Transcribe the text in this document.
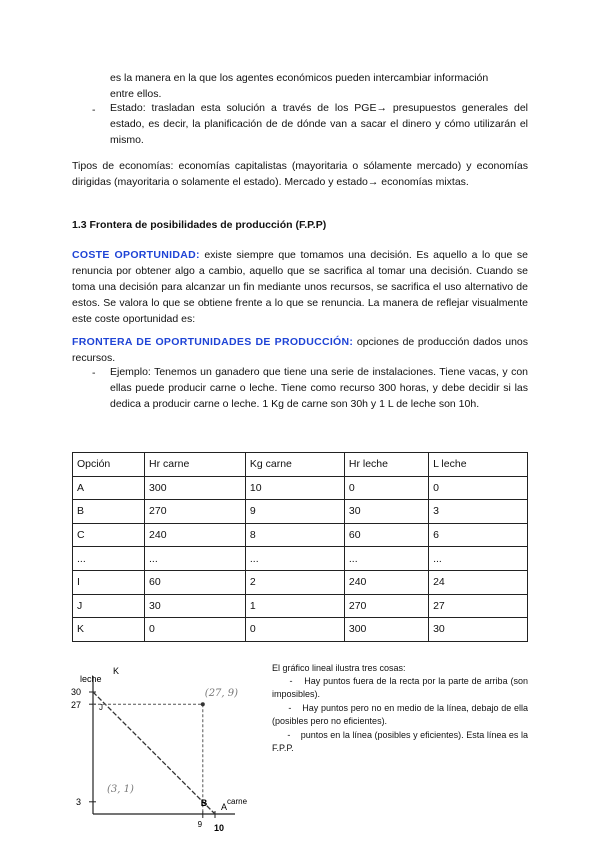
es la manera en la que los agentes económicos pueden intercambiar información
entre ellos.
-	Estado: trasladan esta solución a través de los PGE→ presupuestos generales del estado, es decir, la planificación de de dónde van a sacar el dinero y cómo utilizarán el mismo.
Tipos de economías: economías capitalistas (mayoritaria o sólamente mercado) y economías dirigidas (mayoritaria o solamente el estado). Mercado y estado→ economías mixtas.
1.3 Frontera de posibilidades de producción (F.P.P)
COSTE OPORTUNIDAD: existe siempre que tomamos una decisión. Es aquello a lo que se renuncia por obtener algo a cambio, aquello que se sacrifica al tomar una decisión. Cuando se toma una decisión para alcanzar un fin mediante unos recursos, se sacrifica el uso alternativo de estos. Se valora lo que se obtiene frente a lo que se renuncia. La manera de reflejar visualmente este coste oportunidad es:
FRONTERA DE OPORTUNIDADES DE PRODUCCIÓN: opciones de producción dados unos recursos.
-	Ejemplo: Tenemos un ganadero que tiene una serie de instalaciones. Tiene vacas, y con ellas puede producir carne o leche. Tiene como recurso 300 horas, y debe decidir si las dedica a producir carne o leche. 1 Kg de carne son 30h y 1 L de leche son 10h.
Opción	Hr carne	Kg carne	Hr leche	L leche
A	300	10	0	0
B	270	9	30	3
C	240	8	60	6
...	...	...	...	...
I	60	2	240	24
J	30	1	270	27
K	0	0	300	30
30
27
3
9 10
leche
carne
K
J
B A
(27, 9)
(3, 1)
El gráfico lineal ilustra tres cosas:
-    Hay puntos fuera de la recta por la parte de arriba (son imposibles).
-    Hay puntos pero no en medio de la línea, debajo de ella (posibles pero no eficientes).
-    puntos en la línea (posibles y eficientes). Esta línea es la F.P.P.
